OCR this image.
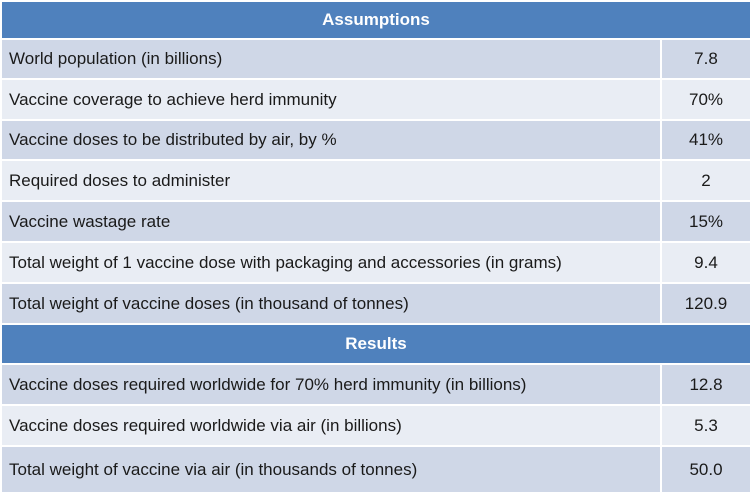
Assumptions	
World population (in billions)	7.8
Vaccine coverage to achieve herd immunity	70%
Vaccine doses to be distributed by air, by %	41%
Required doses to administer	2
Vaccine wastage rate	15%
Total weight of 1 vaccine dose with packaging and accessories (in grams)	9.4
Total weight of vaccine doses (in thousand of tonnes)	120.9
Results	
Vaccine doses required worldwide for 70% herd immunity (in billions)	12.8
Vaccine doses required worldwide via air (in billions)	5.3
Total weight of vaccine via air (in thousands of tonnes)	50.0
